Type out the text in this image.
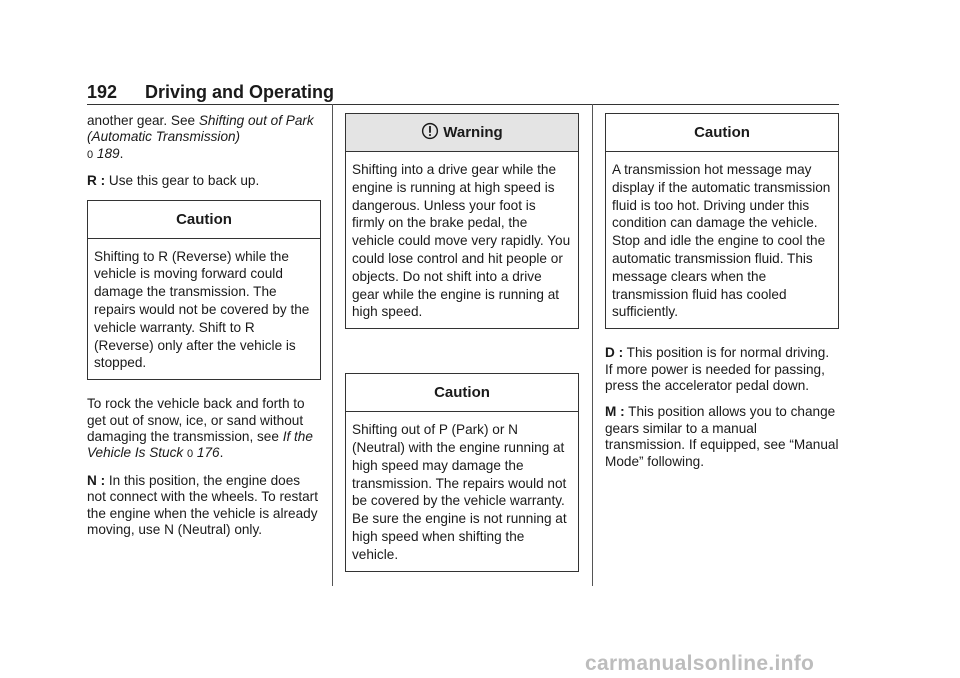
192 Driving and Operating

another gear. See Shifting out of Park (Automatic Transmission)
0 189.

R : Use this gear to back up.

Caution
Shifting to R (Reverse) while the vehicle is moving forward could damage the transmission. The repairs would not be covered by the vehicle warranty. Shift to R (Reverse) only after the vehicle is stopped.

To rock the vehicle back and forth to get out of snow, ice, or sand without damaging the transmission, see If the Vehicle Is Stuck 0 176.

N : In this position, the engine does not connect with the wheels. To restart the engine when the vehicle is already moving, use N (Neutral) only.

Warning
Shifting into a drive gear while the engine is running at high speed is dangerous. Unless your foot is firmly on the brake pedal, the vehicle could move very rapidly. You could lose control and hit people or objects. Do not shift into a drive gear while the engine is running at high speed.
Caution
Shifting out of P (Park) or N (Neutral) with the engine running at high speed may damage the transmission. The repairs would not be covered by the vehicle warranty. Be sure the engine is not running at high speed when shifting the vehicle.
Caution
A transmission hot message may display if the automatic transmission fluid is too hot. Driving under this condition can damage the vehicle. Stop and idle the engine to cool the automatic transmission fluid. This message clears when the transmission fluid has cooled sufficiently.

D : This position is for normal driving. If more power is needed for passing, press the accelerator pedal down.

M : This position allows you to change gears similar to a manual transmission. If equipped, see “Manual Mode” following.

carmanualsonline.info
